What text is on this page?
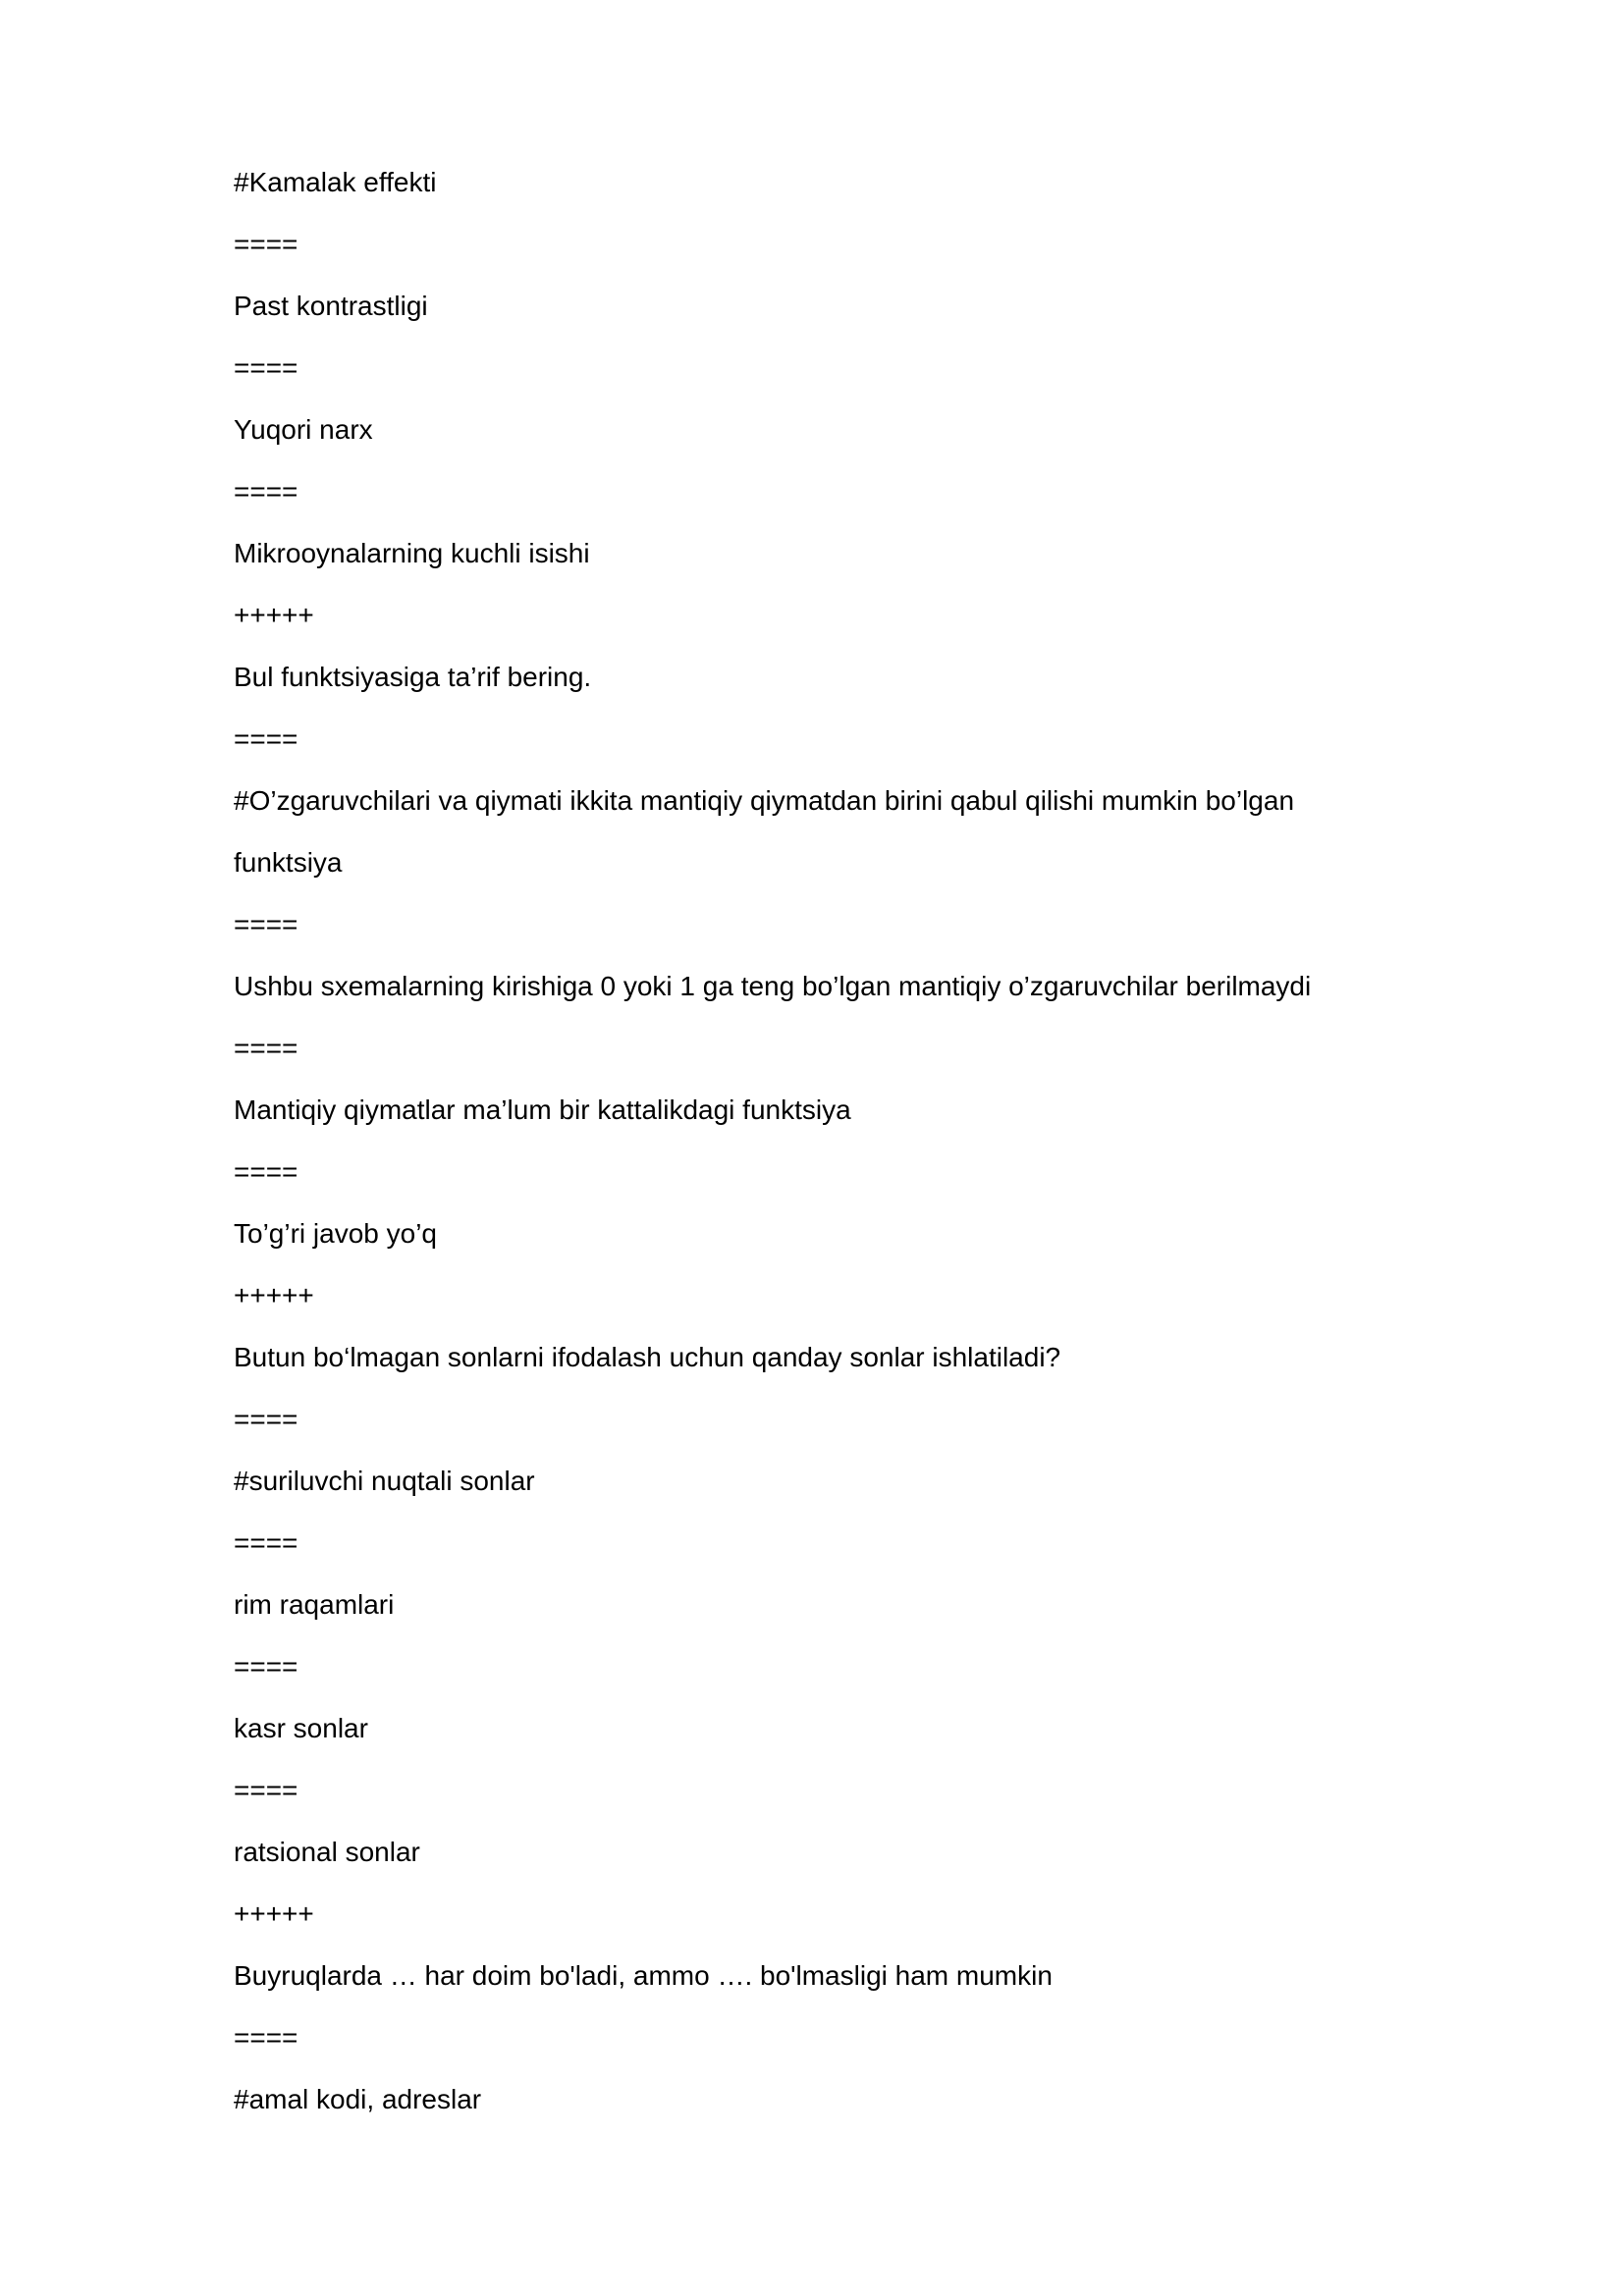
#Kamalak effekti
====
Past kontrastligi
====
Yuqori narx
====
Mikrooynalarning kuchli isishi
+++++
Bul funktsiyasiga ta’rif bering.
====
#O’zgaruvchilari va qiymati ikkita mantiqiy qiymatdan birini qabul qilishi mumkin bo’lgan
funktsiya
====
Ushbu sxemalarning kirishiga 0 yoki 1 ga teng bo’lgan mantiqiy o’zgaruvchilar berilmaydi
====
Mantiqiy qiymatlar ma’lum bir kattalikdagi funktsiya
====
To’g’ri javob yo’q
+++++
Butun bo‘lmagan sonlarni ifodalash uchun qanday sonlar ishlatiladi?
====
#suriluvchi nuqtali sonlar
====
rim raqamlari
====
kasr sonlar
====
ratsional sonlar
+++++
Buyruqlarda … har doim bo'ladi, ammo …. bo'lmasligi ham mumkin
====
#amal kodi, adreslar
